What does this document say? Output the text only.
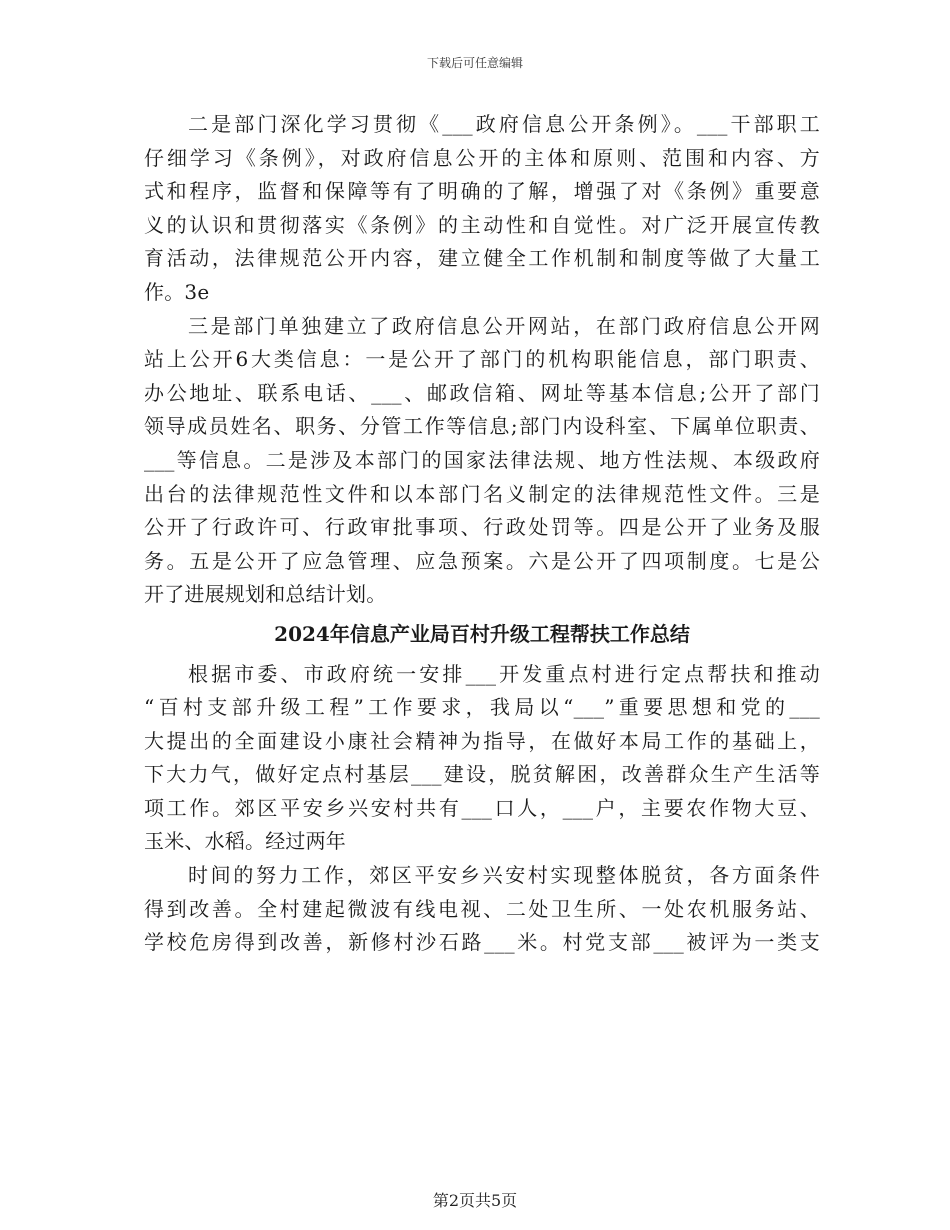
下载后可任意编辑
二是部门深化学习贯彻《___政府信息公开条例》。___干部职工
仔细学习《条例》，对政府信息公开的主体和原则、范围和内容、方
式和程序，监督和保障等有了明确的了解，增强了对《条例》重要意
义的认识和贯彻落实《条例》的主动性和自觉性。对广泛开展宣传教
育活动，法律规范公开内容，建立健全工作机制和制度等做了大量工
作。3e
三是部门单独建立了政府信息公开网站，在部门政府信息公开网
站上公开6大类信息：一是公开了部门的机构职能信息，部门职责、
办公地址、联系电话、___、邮政信箱、网址等基本信息;公开了部门
领导成员姓名、职务、分管工作等信息;部门内设科室、下属单位职责、
___等信息。二是涉及本部门的国家法律法规、地方性法规、本级政府
出台的法律规范性文件和以本部门名义制定的法律规范性文件。三是
公开了行政许可、行政审批事项、行政处罚等。四是公开了业务及服
务。五是公开了应急管理、应急预案。六是公开了四项制度。七是公
开了进展规划和总结计划。
2024年信息产业局百村升级工程帮扶工作总结
根据市委、市政府统一安排___开发重点村进行定点帮扶和推动
“百村支部升级工程”工作要求，我局以“___”重要思想和党的___
大提出的全面建设小康社会精神为指导，在做好本局工作的基础上，
下大力气，做好定点村基层___建设，脱贫解困，改善群众生产生活等
项工作。郊区平安乡兴安村共有___口人，___户，主要农作物大豆、
玉米、水稻。经过两年
时间的努力工作，郊区平安乡兴安村实现整体脱贫，各方面条件
得到改善。全村建起微波有线电视、二处卫生所、一处农机服务站、
学校危房得到改善，新修村沙石路___米。村党支部___被评为一类支
第2页共5页
